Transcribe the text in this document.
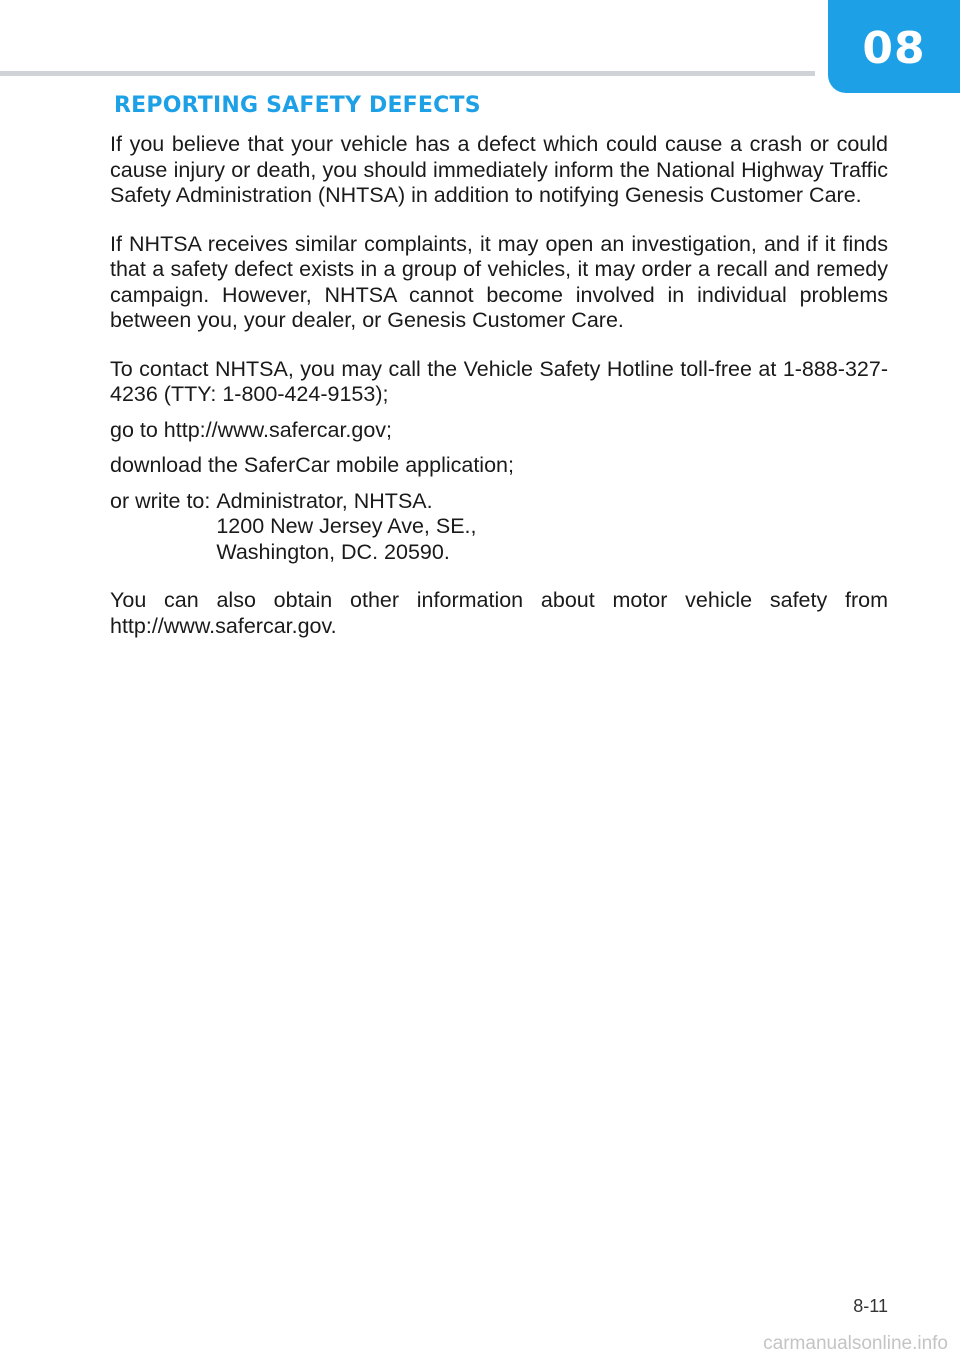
08
REPORTING SAFETY DEFECTS

If you believe that your vehicle has a defect which could cause a crash or could cause injury or death, you should immediately inform the National Highway Traffic Safety Administration (NHTSA) in addition to notifying Genesis Customer Care.

If NHTSA receives similar complaints, it may open an investigation, and if it finds that a safety defect exists in a group of vehicles, it may order a recall and remedy campaign. However, NHTSA cannot become involved in individual problems between you, your dealer, or Genesis Customer Care.

To contact NHTSA, you may call the Vehicle Safety Hotline toll-free at 1-888-327-4236 (TTY: 1-800-424-9153);

go to http://www.safercar.gov;

download the SaferCar mobile application;

or write to: Administrator, NHTSA.
1200 New Jersey Ave, SE.,
Washington, DC. 20590.

You can also obtain other information about motor vehicle safety from http://www.safercar.gov.

8-11
carmanualsonline.info
